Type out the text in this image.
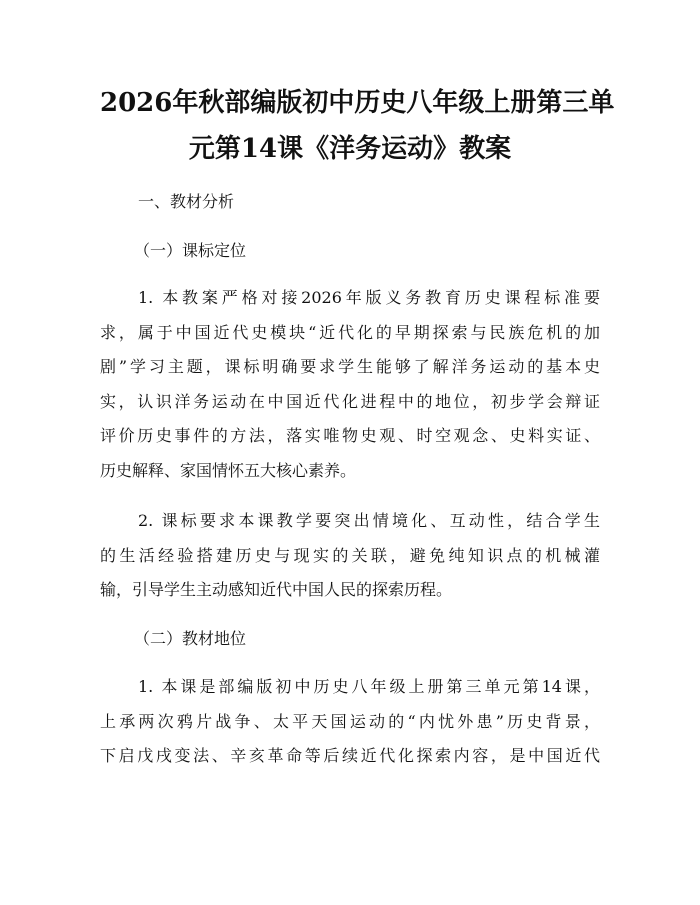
2026年秋部编版初中历史八年级上册第三单
元第14课《洋务运动》教案
一、教材分析
（一）课标定位
1. 本教案严格对接2026年版义务教育历史课程标准要
求，属于中国近代史模块“近代化的早期探索与民族危机的加
剧”学习主题，课标明确要求学生能够了解洋务运动的基本史
实，认识洋务运动在中国近代化进程中的地位，初步学会辩证
评价历史事件的方法，落实唯物史观、时空观念、史料实证、
历史解释、家国情怀五大核心素养。
2. 课标要求本课教学要突出情境化、互动性，结合学生
的生活经验搭建历史与现实的关联，避免纯知识点的机械灌
输，引导学生主动感知近代中国人民的探索历程。
（二）教材地位
1. 本课是部编版初中历史八年级上册第三单元第14课，
上承两次鸦片战争、太平天国运动的“内忧外患”历史背景，
下启戊戌变法、辛亥革命等后续近代化探索内容，是中国近代
